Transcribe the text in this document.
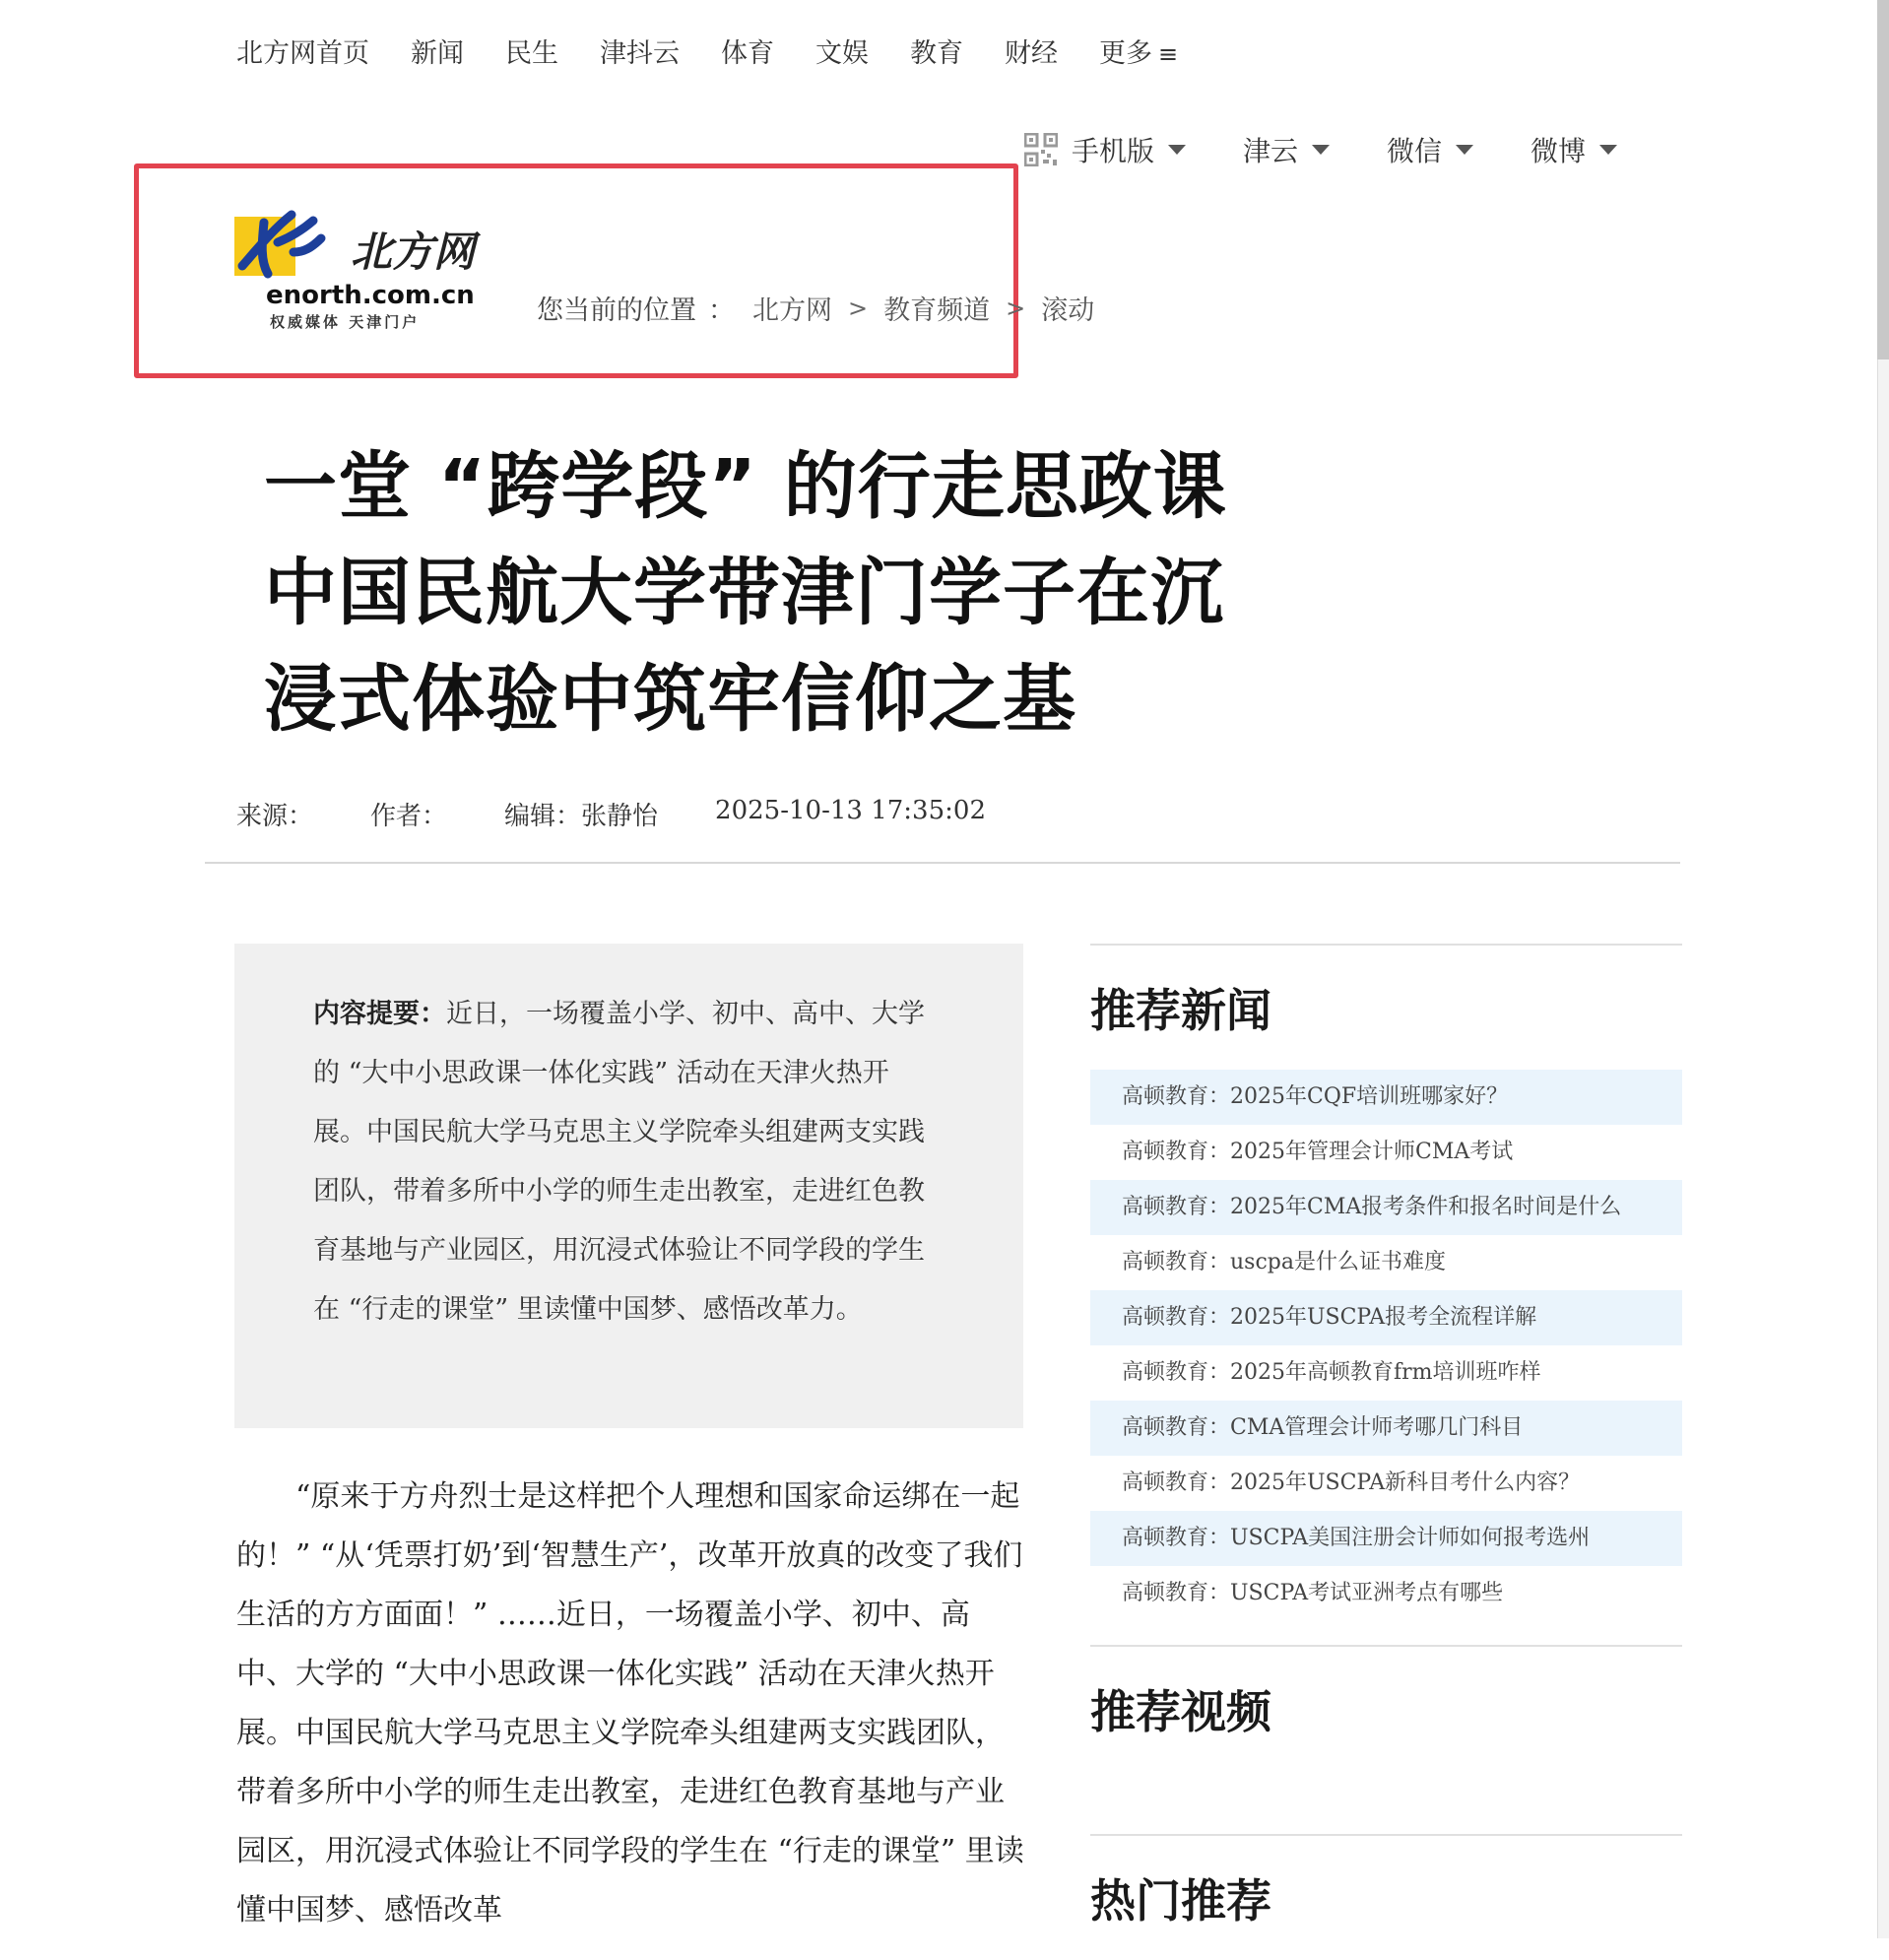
北方网首页 新闻 民生 津抖云 体育 文娱 教育 财经 更多 ≡
手机版	津云	微信	微博
北方网
enorth.com.cn
权威媒体 天津门户	您当前的位置 ： 北方网 > 教育频道 > 滚动
一堂 “跨学段” 的行走思政课
中国民航大学带津门学子在沉
浸式体验中筑牢信仰之基
来源： 作者： 编辑：张静怡 2025-10-13 17:35:02
内容提要：近日，一场覆盖小学、初中、高中、大学的 “大中小思政课一体化实践” 活动在天津火热开展。中国民航大学马克思主义学院牵头组建两支实践团队，带着多所中小学的师生走出教室，走进红色教育基地与产业园区，用沉浸式体验让不同学段的学生在 “行走的课堂” 里读懂中国梦、感悟改革力。

“原来于方舟烈士是这样把个人理想和国家命运绑在一起的！” “从‘凭票打奶’到‘智慧生产’，改革开放真的改变了我们生活的方方面面！” ……近日，一场覆盖小学、初中、高中、大学的 “大中小思政课一体化实践” 活动在天津火热开展。中国民航大学马克思主义学院牵头组建两支实践团队，带着多所中小学的师生走出教室，走进红色教育基地与产业园区，用沉浸式体验让不同学段的学生在 “行走的课堂” 里读懂中国梦、感悟改革

推荐新闻
高顿教育：2025年CQF培训班哪家好？
高顿教育：2025年管理会计师CMA考试
高顿教育：2025年CMA报考条件和报名时间是什么
高顿教育：uscpa是什么证书难度
高顿教育：2025年USCPA报考全流程详解
高顿教育：2025年高顿教育frm培训班咋样
高顿教育：CMA管理会计师考哪几门科目
高顿教育：2025年USCPA新科目考什么内容？
高顿教育：USCPA美国注册会计师如何报考选州
高顿教育：USCPA考试亚洲考点有哪些
推荐视频
热门推荐
